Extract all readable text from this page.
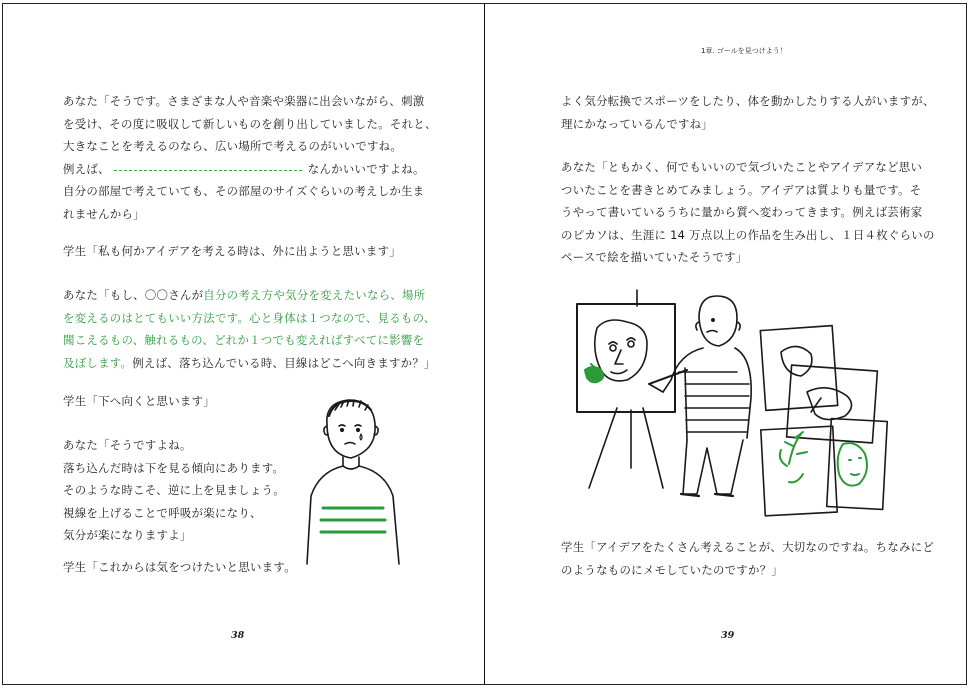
あなた「そうです。さまざまな人や音楽や楽器に出会いながら、刺激
を受け、その度に吸収して新しいものを創り出していました。それと、
大きなことを考えるのなら、広い場所で考えるのがいいですね。
例えば、	なんかいいですよね。
自分の部屋で考えていても、その部屋のサイズぐらいの考えしか生ま
れませんから」
学生「私も何かアイデアを考える時は、外に出ようと思います」
あなた「もし、〇〇さんが自分の考え方や気分を変えたいなら、場所
を変えるのはとてもいい方法です。心と身体は１つなので、見るもの、
聞こえるもの、触れるもの、どれか１つでも変えればすべてに影響を
及ぼします。例えば、落ち込んでいる時、目線はどこへ向きますか？」
学生「下へ向くと思います」
あなた「そうですよね。
落ち込んだ時は下を見る傾向にあります。
そのような時こそ、逆に上を見ましょう。
視線を上げることで呼吸が楽になり、
気分が楽になりますよ」
学生「これからは気をつけたいと思います。
38
1章. ゴールを見つけよう！
よく気分転換でスポーツをしたり、体を動かしたりする人がいますが、
理にかなっているんですね」
あなた「ともかく、何でもいいので気づいたことやアイデアなど思い
ついたことを書きとめてみましょう。アイデアは質よりも量です。そ
うやって書いているうちに量から質へ変わってきます。例えば芸術家
のピカソは、生涯に 14 万点以上の作品を生み出し、１日４枚ぐらいの
ペースで絵を描いていたそうです」
学生「アイデアをたくさん考えることが、大切なのですね。ちなみにど
のようなものにメモしていたのですか？」
39
